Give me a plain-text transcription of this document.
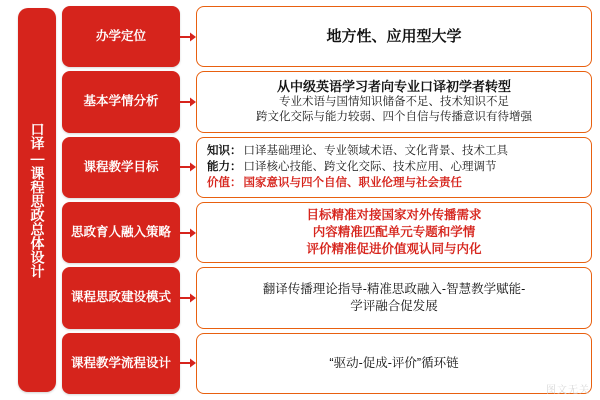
口译―课程思政总体设计
办学定位	地方性、应用型大学
基本学情分析
从中级英语学习者向专业口译初学者转型
专业术语与国情知识储备不足、技术知识不足
跨文化交际与能力较弱、四个自信与传播意识有待增强
课程教学目标
知识： 口译基础理论、专业领域术语、文化背景、技术工具
能力： 口译核心技能、跨文化交际、技术应用、心理调节
价值： 国家意识与四个自信、职业伦理与社会责任
思政育人融入策略
目标精准对接国家对外传播需求
内容精准匹配单元专题和学情
评价精准促进价值观认同与内化
课程思政建设模式
翻译传播理论指导-精准思政融入-智慧教学赋能-
学评融合促发展
课程教学流程设计	“驱动-促成-评价”循环链
图文无关
